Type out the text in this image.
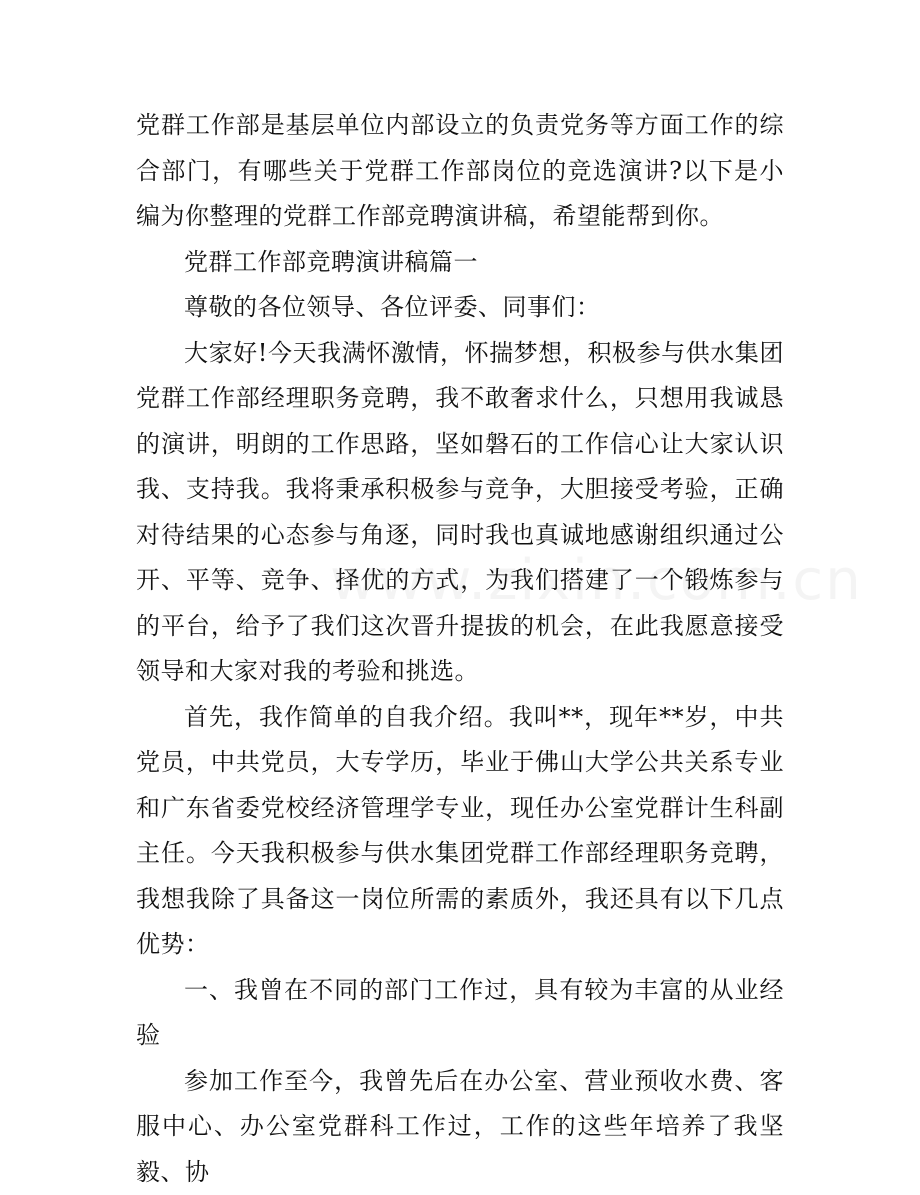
党群工作部是基层单位内部设立的负责党务等方面工作的综合部门，有哪些关于党群工作部岗位的竞选演讲?以下是小编为你整理的党群工作部竞聘演讲稿，希望能帮到你。

党群工作部竞聘演讲稿篇一

尊敬的各位领导、各位评委、同事们：

大家好!今天我满怀激情，怀揣梦想，积极参与供水集团党群工作部经理职务竞聘，我不敢奢求什么，只想用我诚恳的演讲，明朗的工作思路，坚如磐石的工作信心让大家认识我、支持我。我将秉承积极参与竞争，大胆接受考验，正确对待结果的心态参与角逐，同时我也真诚地感谢组织通过公开、平等、竞争、择优的方式，为我们搭建了一个锻炼参与的平台，给予了我们这次晋升提拔的机会，在此我愿意接受领导和大家对我的考验和挑选。

首先，我作简单的自我介绍。我叫**，现年**岁，中共党员，中共党员，大专学历，毕业于佛山大学公共关系专业和广东省委党校经济管理学专业，现任办公室党群计生科副主任。今天我积极参与供水集团党群工作部经理职务竞聘，我想我除了具备这一岗位所需的素质外，我还具有以下几点优势：

一、我曾在不同的部门工作过，具有较为丰富的从业经验

参加工作至今，我曾先后在办公室、营业预收水费、客服中心、办公室党群科工作过，工作的这些年培养了我坚毅、协
